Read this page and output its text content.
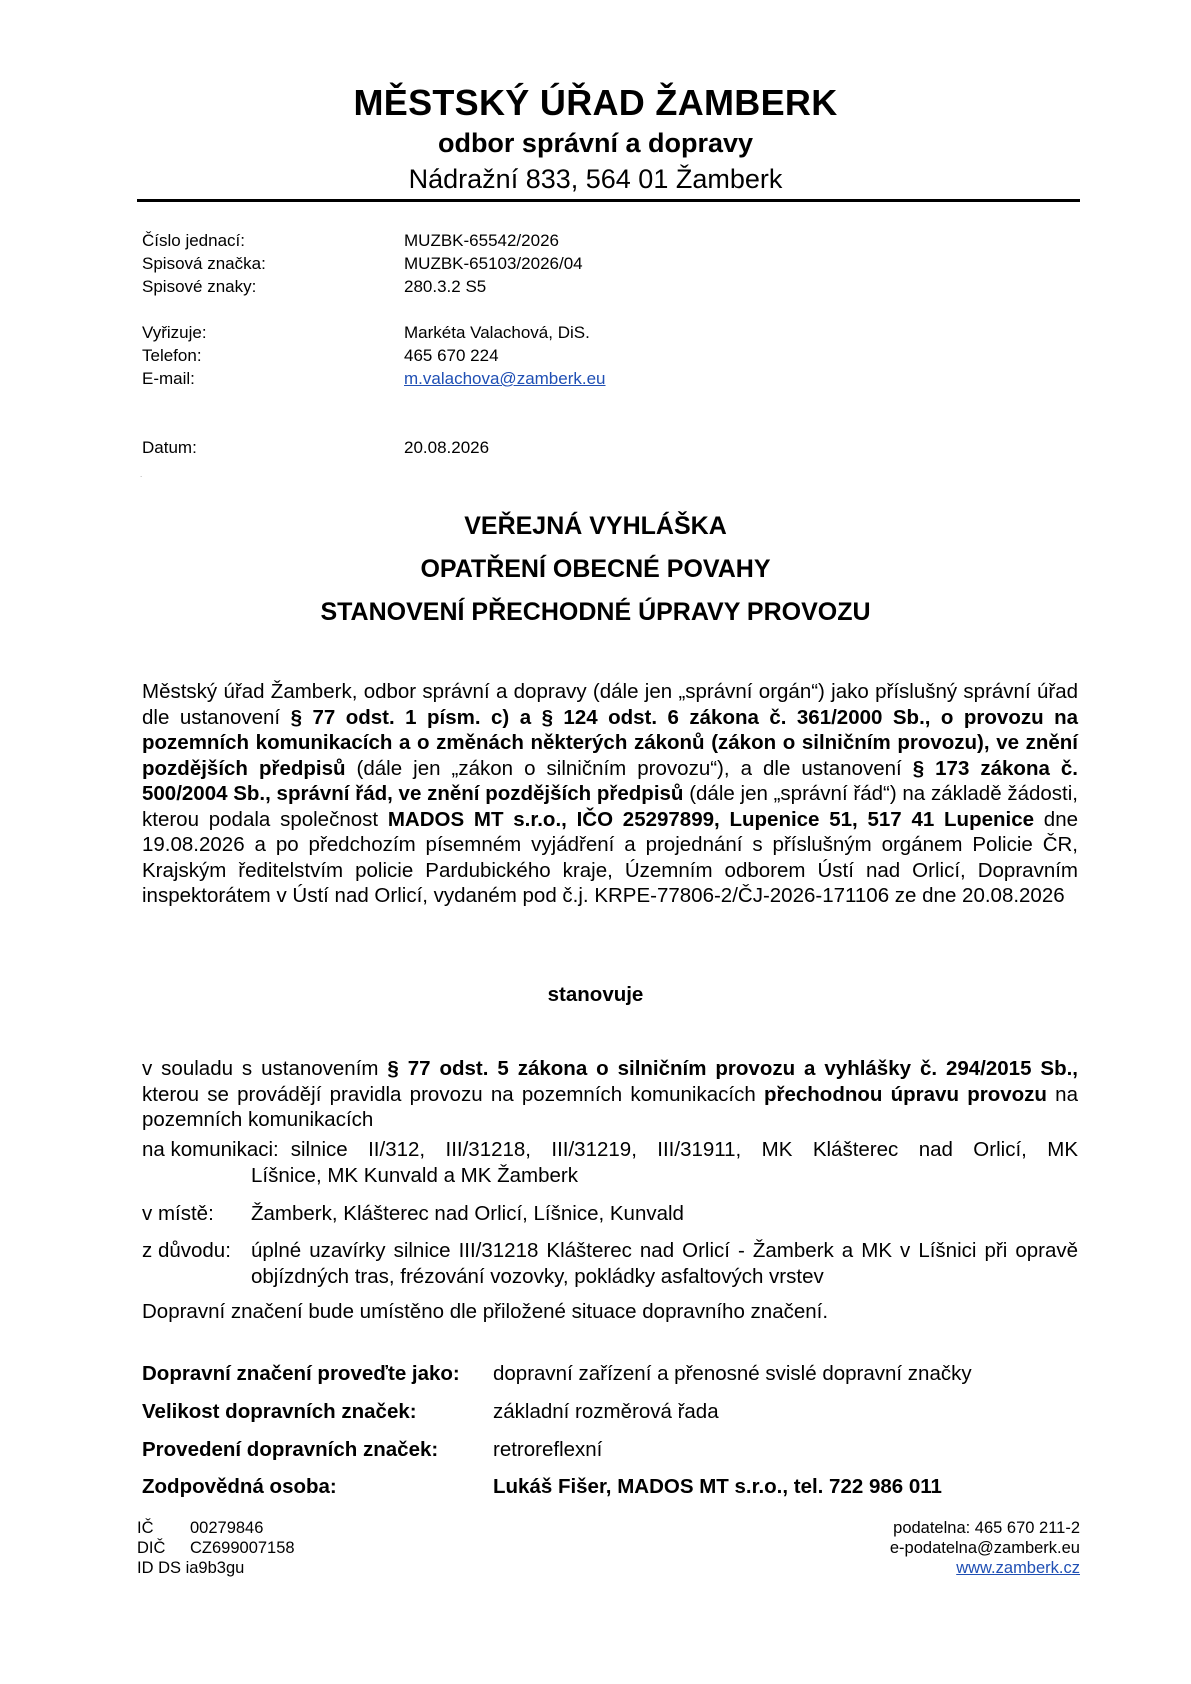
MĚSTSKÝ ÚŘAD ŽAMBERK
odbor správní a dopravy
Nádražní 833, 564 01 Žamberk
Číslo jednací:	MUZBK-65542/2026
Spisová značka:	MUZBK-65103/2026/04
Spisové znaky:	280.3.2 S5
Vyřizuje:	Markéta Valachová, DiS.
Telefon:	465 670 224
E-mail:	m.valachova@zamberk.eu
Datum:	20.08.2026
.
VEŘEJNÁ VYHLÁŠKA
OPATŘENÍ OBECNÉ POVAHY
STANOVENÍ PŘECHODNÉ ÚPRAVY PROVOZU
Městský úřad Žamberk, odbor správní a dopravy (dále jen „správní orgán“) jako příslušný správní úřad dle ustanovení § 77 odst. 1 písm. c) a § 124 odst. 6 zákona č. 361/2000 Sb., o provozu na pozemních komunikacích a o změnách některých zákonů (zákon o silničním provozu), ve znění pozdějších předpisů (dále jen „zákon o silničním provozu“), a dle ustanovení § 173 zákona č. 500/2004 Sb., správní řád, ve znění pozdějších předpisů (dále jen „správní řád“) na základě žádosti, kterou podala společnost MADOS MT s.r.o., IČO 25297899, Lupenice 51, 517 41 Lupenice dne 19.08.2026 a po předchozím písemném vyjádření a projednání s příslušným orgánem Policie ČR, Krajským ředitelstvím policie Pardubického kraje, Územním odborem Ústí nad Orlicí, Dopravním inspektorátem v Ústí nad Orlicí, vydaném pod č.j. KRPE-77806-2/ČJ-2026-171106 ze dne 20.08.2026
stanovuje
v souladu s ustanovením § 77 odst. 5 zákona o silničním provozu a vyhlášky č. 294/2015 Sb., kterou se provádějí pravidla provozu na pozemních komunikacích přechodnou úpravu provozu na pozemních komunikacích
na komunikaci: silnice II/312, III/31218, III/31219, III/31911, MK Klášterec nad Orlicí, MK
Líšnice, MK Kunvald a MK Žamberk
v místě: Žamberk, Klášterec nad Orlicí, Líšnice, Kunvald
z důvodu: úplné uzavírky silnice III/31218 Klášterec nad Orlicí - Žamberk a MK v Líšnici při opravě objízdných tras, frézování vozovky, pokládky asfaltových vrstev
Dopravní značení bude umístěno dle přiložené situace dopravního značení.
Dopravní značení proveďte jako: dopravní zařízení a přenosné svislé dopravní značky
Velikost dopravních značek:	základní rozměrová řada
Provedení dopravních značek:	retroreflexní
Zodpovědná osoba:	Lukáš Fišer, MADOS MT s.r.o., tel. 722 986 011
IČ	00279846
DIČ	CZ699007158
ID DS ia9b3gu
podatelna: 465 670 211-2
e-podatelna@zamberk.eu
www.zamberk.cz
